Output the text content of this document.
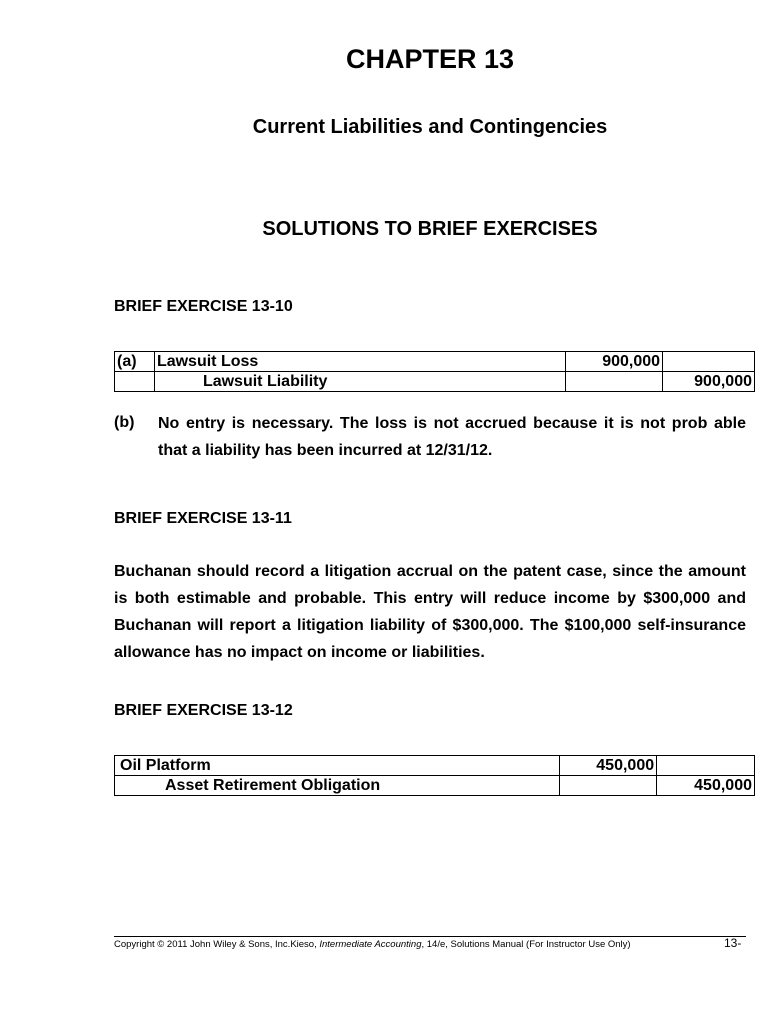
CHAPTER 13
Current Liabilities and Contingencies
SOLUTIONS TO BRIEF EXERCISES
BRIEF EXERCISE 13-10
(a)	Lawsuit Loss	900,000	
	Lawsuit Liability		900,000
(b) No entry is necessary. The loss is not accrued because it is not prob able that a liability has been incurred at 12/31/12.
BRIEF EXERCISE 13-11
Buchanan should record a litigation accrual on the patent case, since the amount is both estimable and probable. This entry will reduce income by $300,000 and Buchanan will report a litigation liability of $300,000. The $100,000 self-insurance allowance has no impact on income or liabilities.
BRIEF EXERCISE 13-12
Oil Platform	450,000	
Asset Retirement Obligation		450,000
Copyright © 2011 John Wiley & Sons, Inc.Kieso, Intermediate Accounting, 14/e, Solutions Manual (For Instructor Use Only)	13-
